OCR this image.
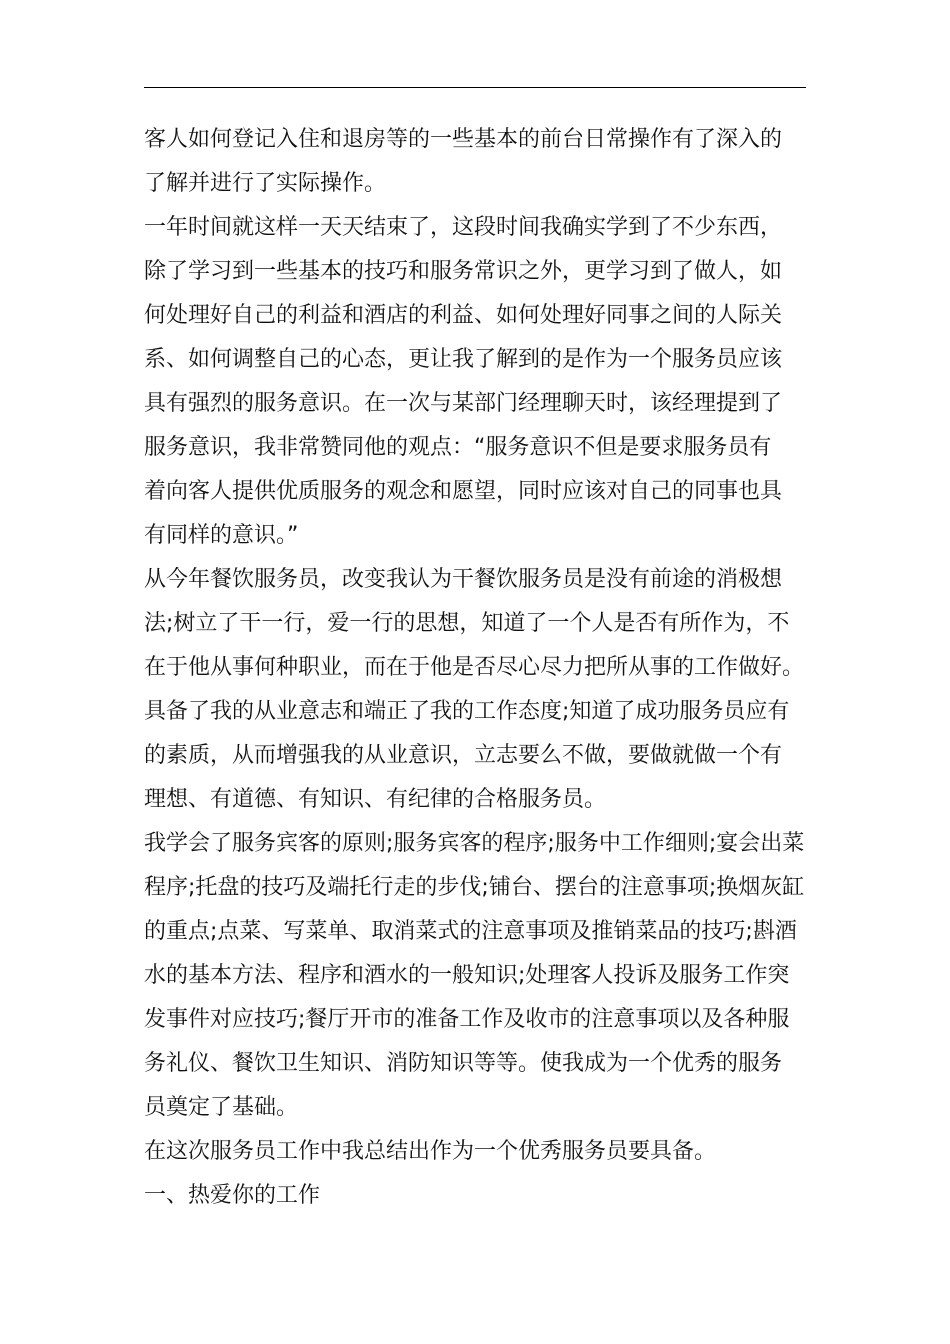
客人如何登记入住和退房等的一些基本的前台日常操作有了深入的
了解并进行了实际操作。
一年时间就这样一天天结束了，这段时间我确实学到了不少东西，
除了学习到一些基本的技巧和服务常识之外，更学习到了做人，如
何处理好自己的利益和酒店的利益、如何处理好同事之间的人际关
系、如何调整自己的心态，更让我了解到的是作为一个服务员应该
具有强烈的服务意识。在一次与某部门经理聊天时，该经理提到了
服务意识，我非常赞同他的观点：“服务意识不但是要求服务员有
着向客人提供优质服务的观念和愿望，同时应该对自己的同事也具
有同样的意识。”
从今年餐饮服务员，改变我认为干餐饮服务员是没有前途的消极想
法;树立了干一行，爱一行的思想，知道了一个人是否有所作为，不
在于他从事何种职业，而在于他是否尽心尽力把所从事的工作做好。
具备了我的从业意志和端正了我的工作态度;知道了成功服务员应有
的素质，从而增强我的从业意识，立志要么不做，要做就做一个有
理想、有道德、有知识、有纪律的合格服务员。
我学会了服务宾客的原则;服务宾客的程序;服务中工作细则;宴会出菜
程序;托盘的技巧及端托行走的步伐;铺台、摆台的注意事项;换烟灰缸
的重点;点菜、写菜单、取消菜式的注意事项及推销菜品的技巧;斟酒
水的基本方法、程序和酒水的一般知识;处理客人投诉及服务工作突
发事件对应技巧;餐厅开市的准备工作及收市的注意事项以及各种服
务礼仪、餐饮卫生知识、消防知识等等。使我成为一个优秀的服务
员奠定了基础。
在这次服务员工作中我总结出作为一个优秀服务员要具备。
一、热爱你的工作
